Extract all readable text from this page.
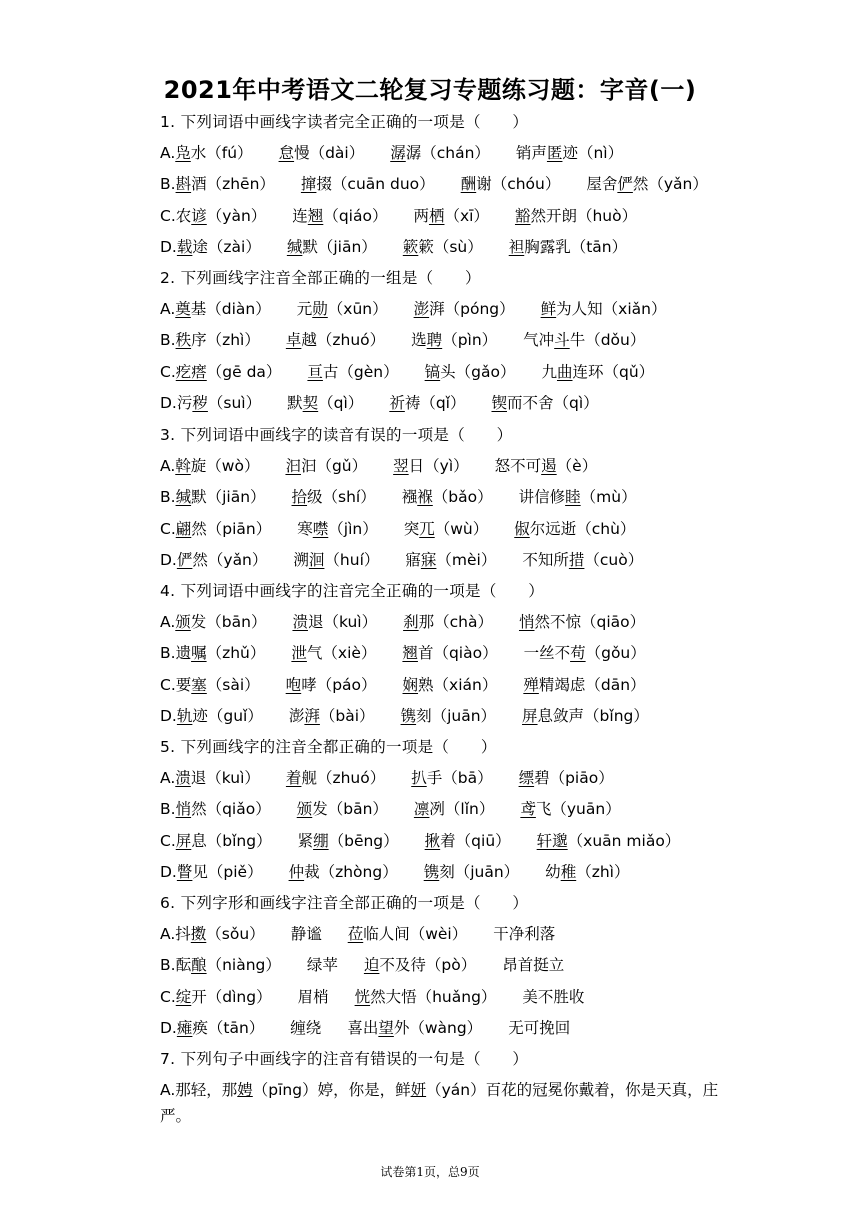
2021年中考语文二轮复习专题练习题：字音(一)
1. 下列词语中画线字读者完全正确的一项是（　　）
A. 凫水（fú） 怠慢（dài） 潺潺（chán） 销声匿迹（nì）
B. 斟酒（zhēn） 撺掇（cuān duo） 酬谢（chóu） 屋舍俨然（yǎn）
C. 农谚（yàn） 连翘（qiáo） 两栖（xī） 豁然开朗（huò）
D. 载途（zài） 缄默（jiān） 簌簌（sù） 袒胸露乳（tān）
2. 下列画线字注音全部正确的一组是（　　）
A. 奠基（diàn） 元勋（xūn） 澎湃（póng） 鲜为人知（xiǎn）
B. 秩序（zhì） 卓越（zhuó） 选聘（pìn） 气冲斗牛（dǒu）
C. 疙瘩（gē da） 亘古（gèn） 镐头（gǎo） 九曲连环（qǔ）
D. 污秽（suì） 默契（qì） 祈祷（qǐ） 锲而不舍（qì）
3. 下列词语中画线字的读音有误的一项是（　　）
A. 斡旋（wò） 汩汩（gǔ） 翌日（yì） 怒不可遏（è）
B. 缄默（jiān） 拾级（shí） 襁褓（bǎo） 讲信修睦（mù）
C. 翩然（piān） 寒噤（jìn） 突兀（wù） 俶尔远逝（chù）
D. 俨然（yǎn） 溯洄（huí） 寤寐（mèi） 不知所措（cuò）
4. 下列词语中画线字的注音完全正确的一项是（　　）
A. 颁发（bān） 溃退（kuì） 刹那（chà） 悄然不惊（qiāo）
B. 遗嘱（zhǔ） 泄气（xiè） 翘首（qiào） 一丝不苟（gǒu）
C. 要塞（sài） 咆哮（páo） 娴熟（xián） 殚精竭虑（dān）
D. 轨迹（guǐ） 澎湃（bài） 镌刻（juān） 屏息敛声（bǐng）
5. 下列画线字的注音全都正确的一项是（　　）
A. 溃退（kuì） 着舰（zhuó） 扒手（bā） 缥碧（piāo）
B. 悄然（qiǎo） 颁发（bān） 凛冽（lǐn） 鸢飞（yuān）
C. 屏息（bǐng） 紧绷（bēng） 揪着（qiū） 轩邈（xuān miǎo）
D. 瞥见（piě） 仲裁（zhòng） 镌刻（juān） 幼稚（zhì）
6. 下列字形和画线字注音全部正确的一项是（　　）
A. 抖擞（sǒu） 静谧 莅临人间（wèi） 干净利落
B. 酝酿（niàng） 绿苹 迫不及待（pò） 昂首挺立
C. 绽开（dìng） 眉梢 恍然大悟（huǎng） 美不胜收
D. 瘫痪（tān） 缠绕 喜出望外（wàng） 无可挽回
7. 下列句子中画线字的注音有错误的一句是（　　）
A.那轻，那娉（pīng）婷，你是，鲜妍（yán）百花的冠冕你戴着，你是天真，庄严。
试卷第1页，总9页
